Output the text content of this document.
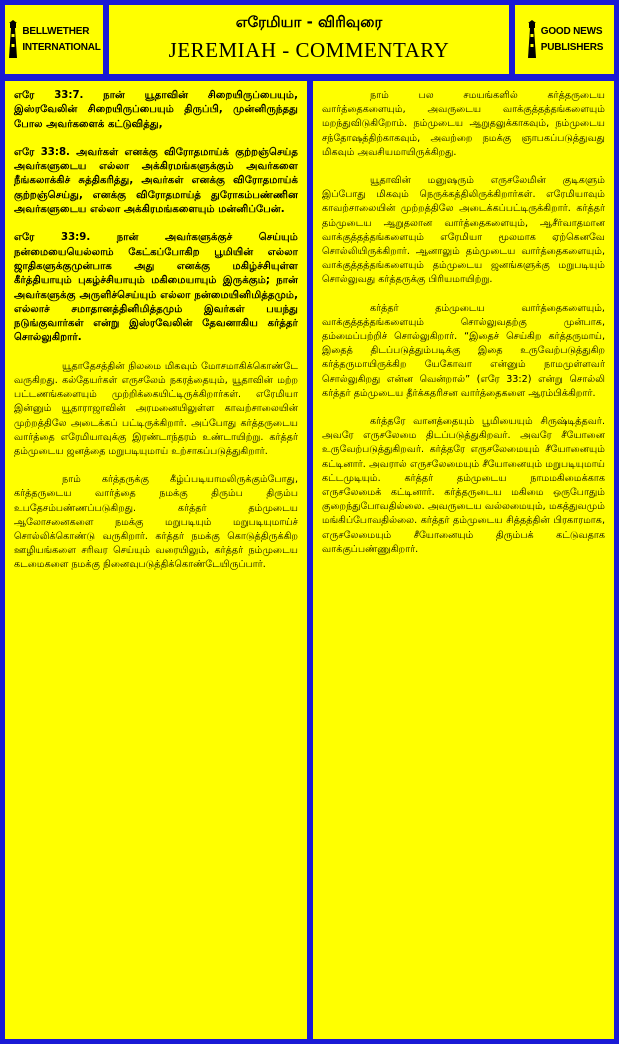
BELLWETHER
INTERNATIONAL
எரேமியா - விரிவுரை
JEREMIAH - COMMENTARY
GOOD NEWS
PUBLISHERS

எரே 33:7. நான் யூதாவின் சிறையிருப்பையும், இஸ்ரவேலின் சிறையிருப்பையும் திருப்பி, முன்னிருந்தது போல அவர்களைக் கட்டுவித்து,

எரே 33:8. அவர்கள் எனக்கு விரோதமாய்க் குற்றஞ்செய்த அவர்களுடைய எல்லா அக்கிரமங்களுக்கும் அவர்களை நீங்கலாக்கிச் சுத்திகரித்து, அவர்கள் எனக்கு விரோதமாய்க் குற்றஞ்செய்து, எனக்கு விரோதமாய்த் துரோகம்பண்ணின அவர்களுடைய எல்லா அக்கிரமங்களையும் மன்னிப்பேன்.

எரே 33:9. நான் அவர்களுக்குச் செய்யும் நன்மையையெல்லாம் கேட்கப்போகிற பூமியின் எல்லா ஜாதிகளுக்குமுன்பாக அது எனக்கு மகிழ்ச்சியுள்ள கீர்த்தியாயும் புகழ்ச்சியாயும் மகிமையாயும் இருக்கும்; நான் அவர்களுக்கு அருளிச்செய்யும் எல்லா நன்மையினிமித்தமும், எல்லாச் சமாதானத்தினிமித்தமும் இவர்கள் பயந்து நடுங்குவார்கள் என்று இஸ்ரவேலின் தேவனாகிய கர்த்தர் சொல்லுகிறார்.

யூதாதேசத்தின் நிலமை மிகவும் மோசமாகிக்கொண்டே வருகிறது. கல்தேயர்கள் எருசலேம் நகரத்தையும், யூதாவின் மற்ற பட்டணங்களையும் முற்றிக்கையிட்டிருக்கிறார்கள். எரேமியா இன்னும் யூதாராஜாவின் அரமனையிலுள்ள காவற்சாலையின் முற்றத்திலே அடைக்கப் பட்டிருக்கிறார். அப்போது கர்த்தருடைய வார்த்தை எரேமியாவுக்கு இரண்டாந்தரம் உண்டாயிற்று. கர்த்தர் தம்முடைய ஜனத்தை மறுபடியுமாய் உற்சாகப்படுத்துகிறார்.

நாம் கர்த்தருக்கு கீழ்ப்படியாமலிருக்கும்போது, கர்த்தருடைய வார்த்தை நமக்கு திரும்ப திரும்ப உபதேசம்பண்ணப்படுகிறது. கர்த்தர் தம்முடைய ஆலோசனைகளை நமக்கு மறுபடியும் மறுபடியுமாய்ச் சொல்லிக்கொண்டு வருகிறார். கர்த்தர் நமக்கு கொடுத்திருக்கிற ஊழியங்களை சரிவர செய்யும் வரையிலும், கர்த்தர் நம்முடைய கடமைகளை நமக்கு நினைவுபடுத்திக்கொண்டேயிருப்பார்.

நாம் பல சமயங்களில் கர்த்தருடைய வார்த்தைகளையும், அவருடைய வாக்குத்தத்தங்களையும் மறந்துவிடுகிறோம். நம்முடைய ஆறுதலுக்காகவும், நம்முடைய சந்தோஷத்திற்காகவும், அவற்றை நமக்கு ஞாபகப்படுத்துவது மிகவும் அவசியமாயிருக்கிறது.

யூதாவின் மனுஷரும் எருசலேமின் குடிகளும் இப்போது மிகவும் நெருக்கத்திலிருக்கிறார்கள். எரேமியாவும் காவற்சாலையின் முற்றத்திலே அடைக்கப்பட்டிருக்கிறார். கர்த்தர் தம்முடைய ஆறுதலான வார்த்தைகளையும், ஆசீர்வாதமான வாக்குத்தத்தங்களையும் எரேமியா மூலமாக ஏற்கெனவே சொல்லியிருக்கிறார். ஆனாலும் தம்முடைய வார்த்தைகளையும், வாக்குத்தத்தங்களையும் தம்முடைய ஜனங்களுக்கு மறுபடியும் சொல்லுவது கர்த்தருக்கு பிரியமாயிற்று.

கர்த்தர் தம்முடைய வார்த்தைகளையும், வாக்குத்தத்தங்களையும் சொல்லுவதற்கு முன்பாக, தம்மைப்பற்றிச் சொல்லுகிறார். “இதைச் செய்கிற கர்த்தருமாய், இதைத் திடப்படுத்தும்படிக்கு இதை உருவேற்படுத்துகிற கர்த்தருமாயிருக்கிற யேகோவா என்னும் நாமமுள்ளவர் சொல்லுகிறது என்ன வென்றால்” (எரே 33:2) என்று சொல்லி கர்த்தர் தம்முடைய தீர்க்கதரிசன வார்த்தைகளை ஆரம்பிக்கிறார்.

கர்த்தரே வானத்தையும் பூமியையும் சிருஷ்டித்தவர். அவரே எருசலேமை திடப்படுத்துகிறவர். அவரே சீயோனை உருவேற்படுத்துகிறவர். கர்த்தரே எருசலேமையும் சீயோனையும் கட்டினார். அவரால் எருசலேமையும் சீயோனையும் மறுபடியுமாய் கட்டமுடியும். கர்த்தர் தம்முடைய நாமமகிமைக்காக எருசலேமைக் கட்டினார். கர்த்தருடைய மகிமை ஒருபோதும் குறைந்துபோவதில்லை. அவருடைய வல்லமையும், மகத்துவமும் மங்கிப்போவதில்லை. கர்த்தர் தம்முடைய சித்தத்தின் பிரகாரமாக, எருசலேமையும் சீயோனையும் திரும்பக் கட்டுவதாக வாக்குப்பண்ணுகிறார்.
